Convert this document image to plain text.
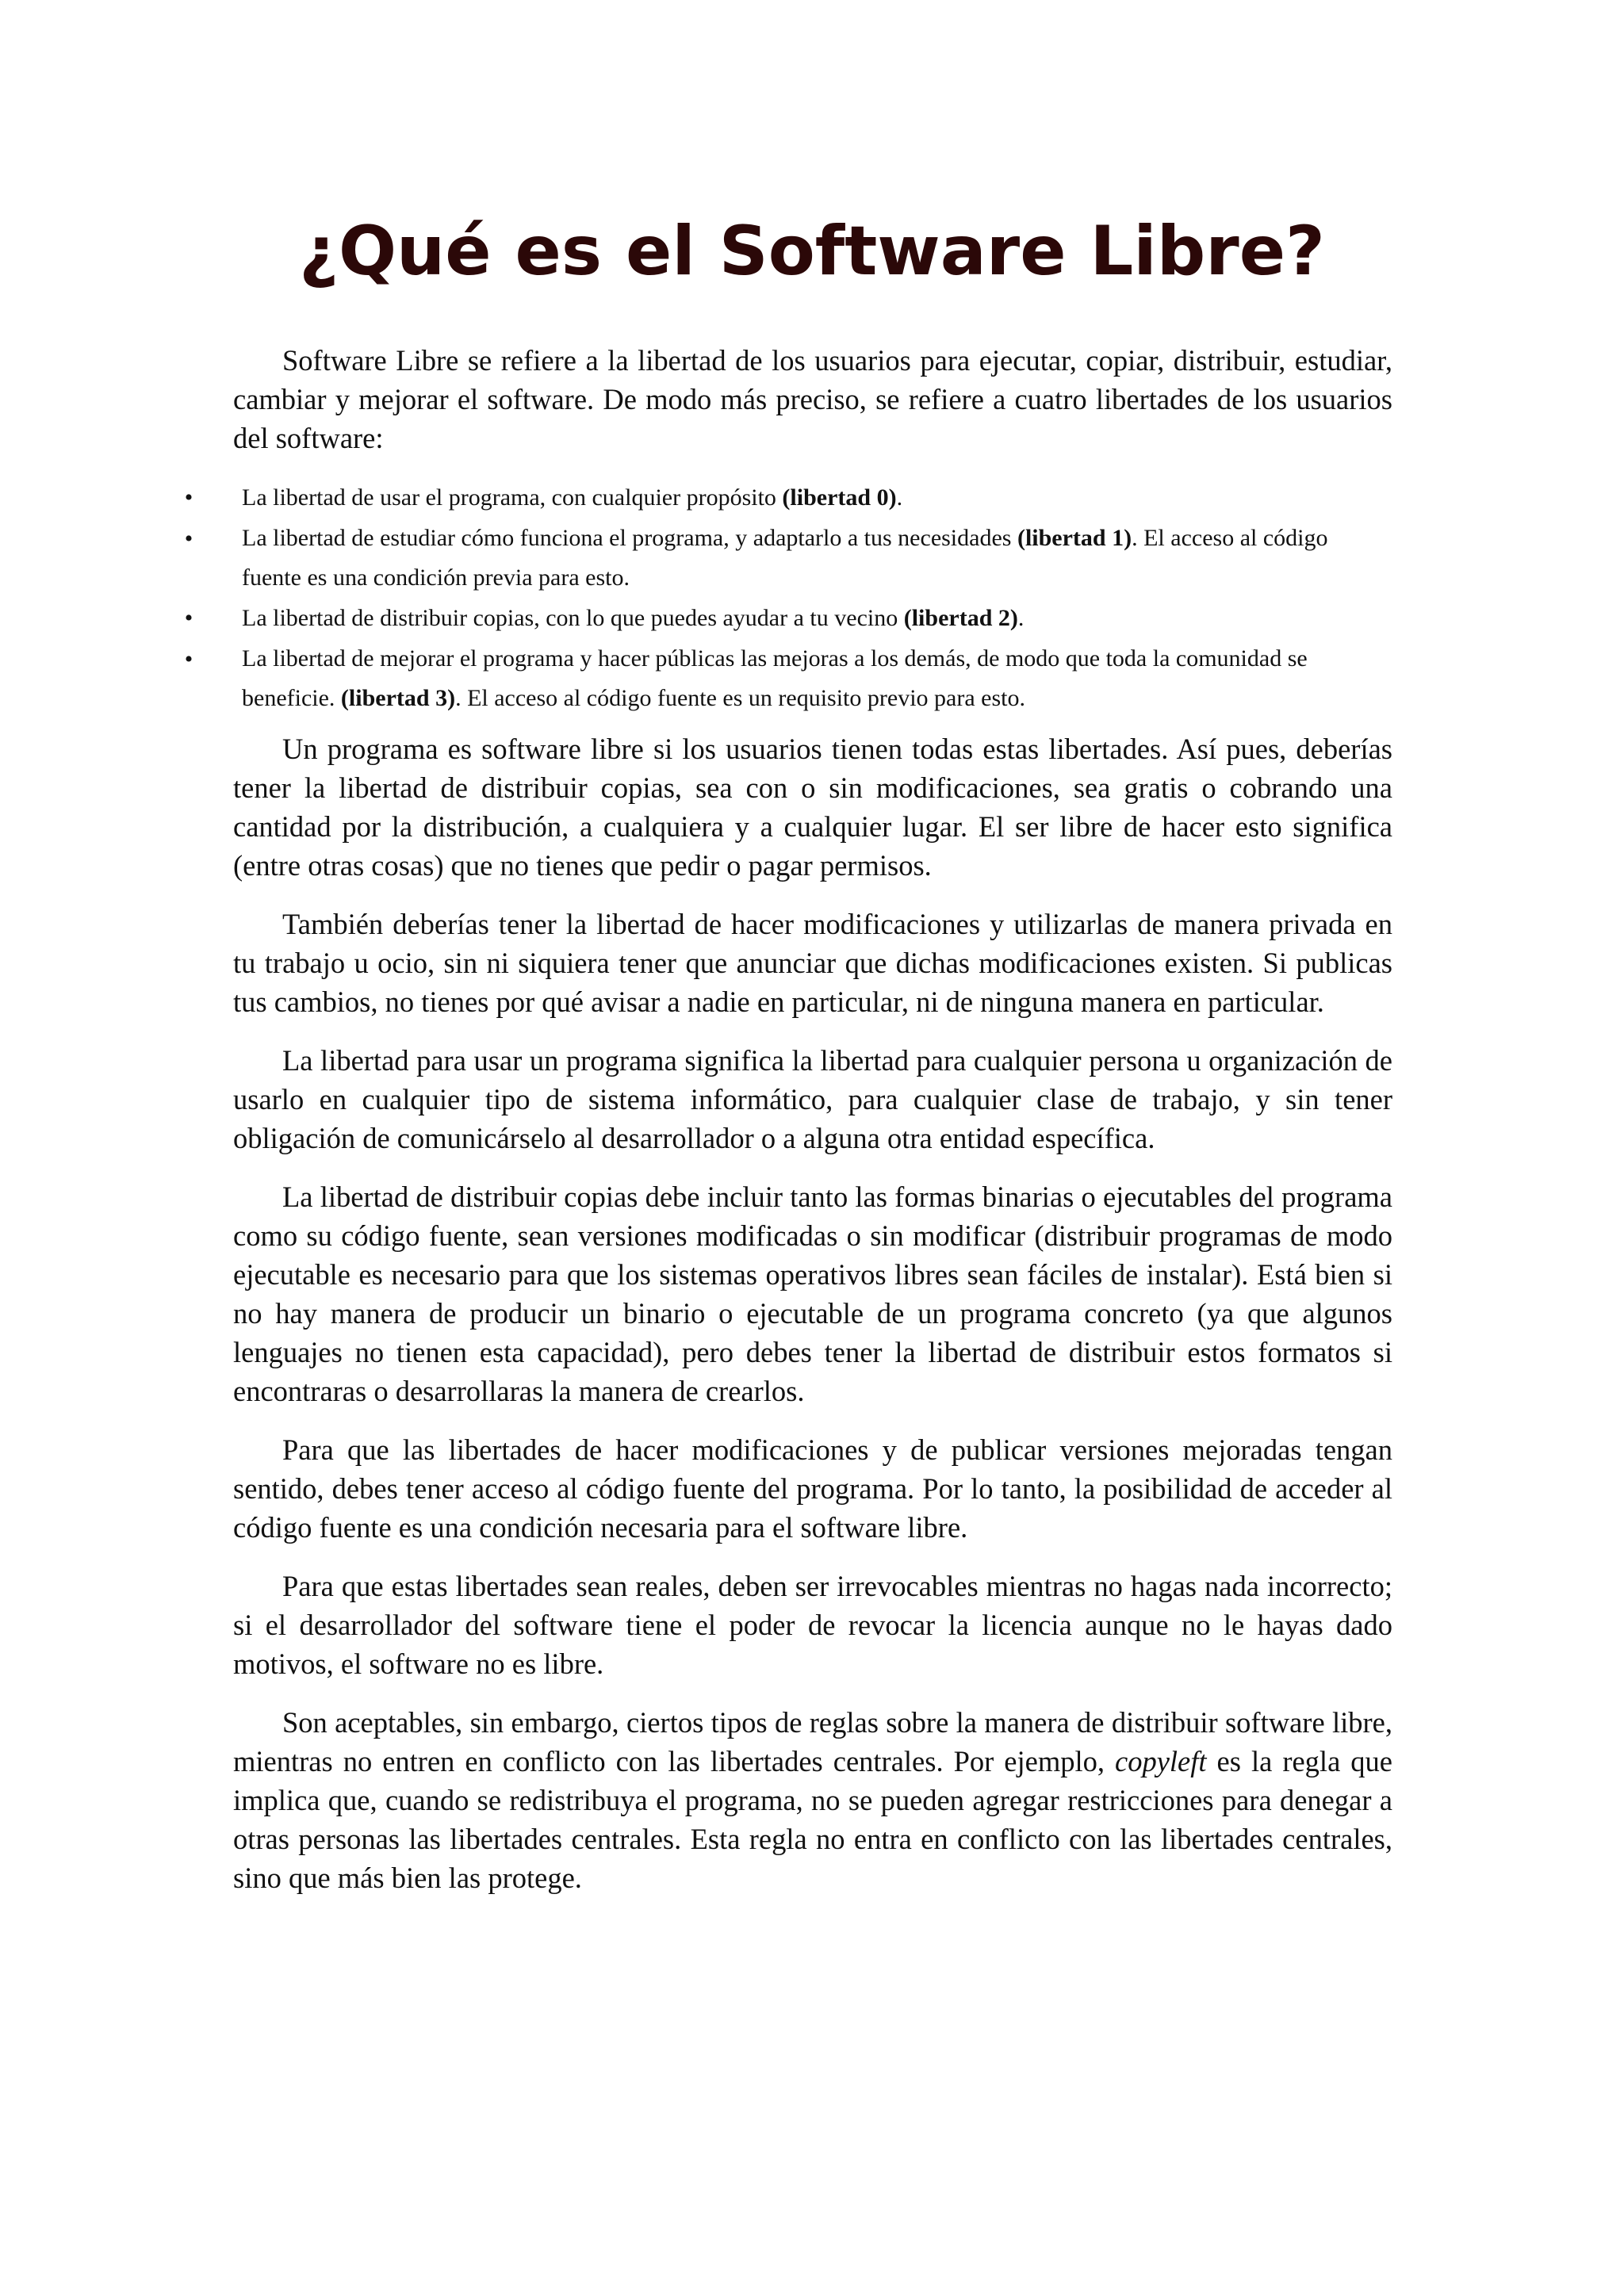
¿Qué es el Software Libre?

Software Libre se refiere a la libertad de los usuarios para ejecutar, copiar, distribuir, estudiar, cambiar y mejorar el software. De modo más preciso, se refiere a cuatro libertades de los usuarios del software:

• La libertad de usar el programa, con cualquier propósito (libertad 0).
• La libertad de estudiar cómo funciona el programa, y adaptarlo a tus necesidades (libertad 1). El acceso al código fuente es una condición previa para esto.
• La libertad de distribuir copias, con lo que puedes ayudar a tu vecino (libertad 2).
• La libertad de mejorar el programa y hacer públicas las mejoras a los demás, de modo que toda la comunidad se beneficie. (libertad 3). El acceso al código fuente es un requisito previo para esto.

Un programa es software libre si los usuarios tienen todas estas libertades. Así pues, deberías tener la libertad de distribuir copias, sea con o sin modificaciones, sea gratis o cobrando una cantidad por la distribución, a cualquiera y a cualquier lugar. El ser libre de hacer esto significa (entre otras cosas) que no tienes que pedir o pagar permisos.

También deberías tener la libertad de hacer modificaciones y utilizarlas de manera privada en tu trabajo u ocio, sin ni siquiera tener que anunciar que dichas modificaciones existen. Si publicas tus cambios, no tienes por qué avisar a nadie en particular, ni de ninguna manera en particular.

La libertad para usar un programa significa la libertad para cualquier persona u organización de usarlo en cualquier tipo de sistema informático, para cualquier clase de trabajo, y sin tener obligación de comunicárselo al desarrollador o a alguna otra entidad específica.

La libertad de distribuir copias debe incluir tanto las formas binarias o ejecutables del programa como su código fuente, sean versiones modificadas o sin modificar (distribuir programas de modo ejecutable es necesario para que los sistemas operativos libres sean fáciles de instalar). Está bien si no hay manera de producir un binario o ejecutable de un programa concreto (ya que algunos lenguajes no tienen esta capacidad), pero debes tener la libertad de distribuir estos formatos si encontraras o desarrollaras la manera de crearlos.

Para que las libertades de hacer modificaciones y de publicar versiones mejoradas tengan sentido, debes tener acceso al código fuente del programa. Por lo tanto, la posibilidad de acceder al código fuente es una condición necesaria para el software libre.

Para que estas libertades sean reales, deben ser irrevocables mientras no hagas nada incorrecto; si el desarrollador del software tiene el poder de revocar la licencia aunque no le hayas dado motivos, el software no es libre.

Son aceptables, sin embargo, ciertos tipos de reglas sobre la manera de distribuir software libre, mientras no entren en conflicto con las libertades centrales. Por ejemplo, copyleft es la regla que implica que, cuando se redistribuya el programa, no se pueden agregar restricciones para denegar a otras personas las libertades centrales. Esta regla no entra en conflicto con las libertades centrales, sino que más bien las protege.
